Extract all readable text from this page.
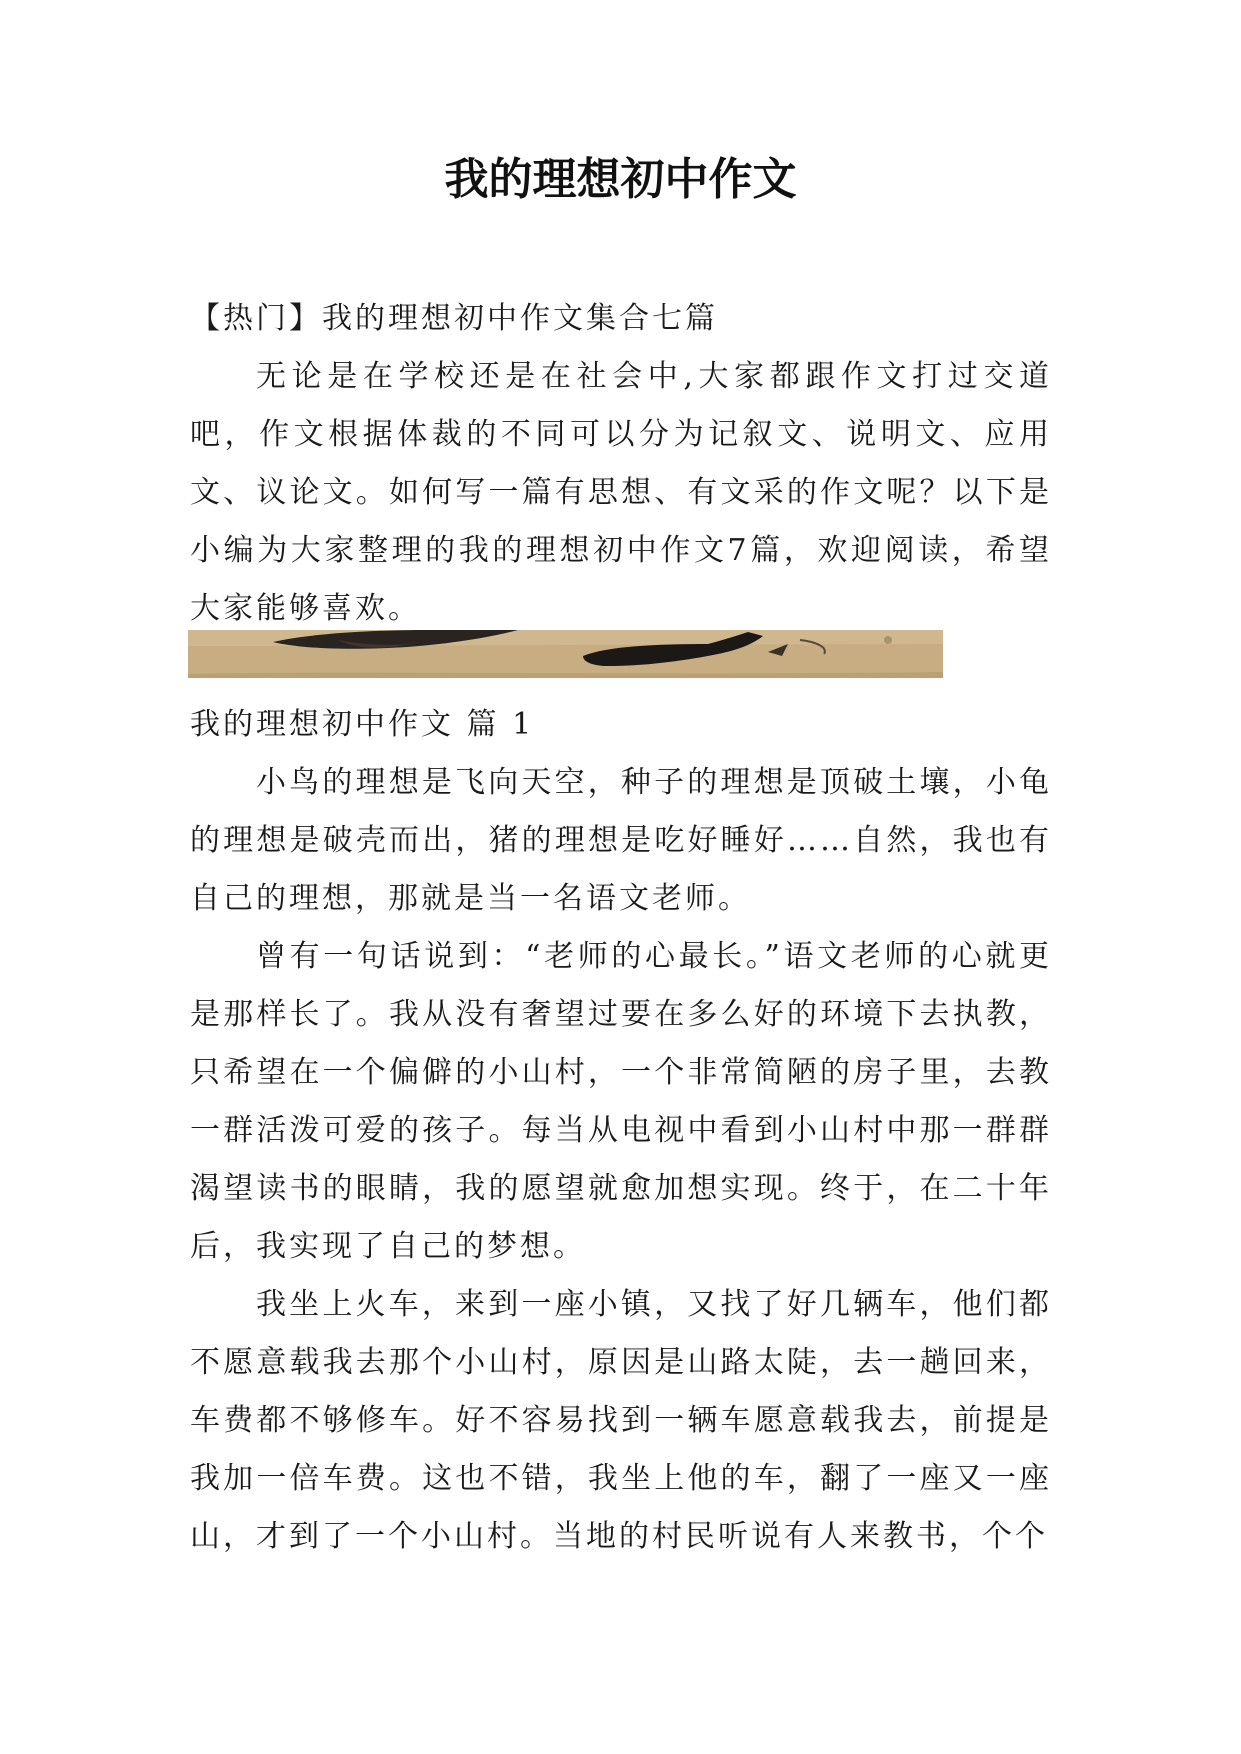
我的理想初中作文

【热门】我的理想初中作文集合七篇

无论是在学校还是在社会中,大家都跟作文打过交道吧，作文根据体裁的不同可以分为记叙文、说明文、应用文、议论文。如何写一篇有思想、有文采的作文呢？以下是小编为大家整理的我的理想初中作文7篇，欢迎阅读，希望大家能够喜欢。

我的理想初中作文 篇 1

小鸟的理想是飞向天空，种子的理想是顶破土壤，小龟的理想是破壳而出，猪的理想是吃好睡好……自然，我也有自己的理想，那就是当一名语文老师。

曾有一句话说到：“老师的心最长。”语文老师的心就更是那样长了。我从没有奢望过要在多么好的环境下去执教，只希望在一个偏僻的小山村，一个非常简陋的房子里，去教一群活泼可爱的孩子。每当从电视中看到小山村中那一群群渴望读书的眼睛，我的愿望就愈加想实现。终于，在二十年后，我实现了自己的梦想。

我坐上火车，来到一座小镇，又找了好几辆车，他们都不愿意载我去那个小山村，原因是山路太陡，去一趟回来，车费都不够修车。好不容易找到一辆车愿意载我去，前提是我加一倍车费。这也不错，我坐上他的车，翻了一座又一座山，才到了一个小山村。当地的村民听说有人来教书，个个
